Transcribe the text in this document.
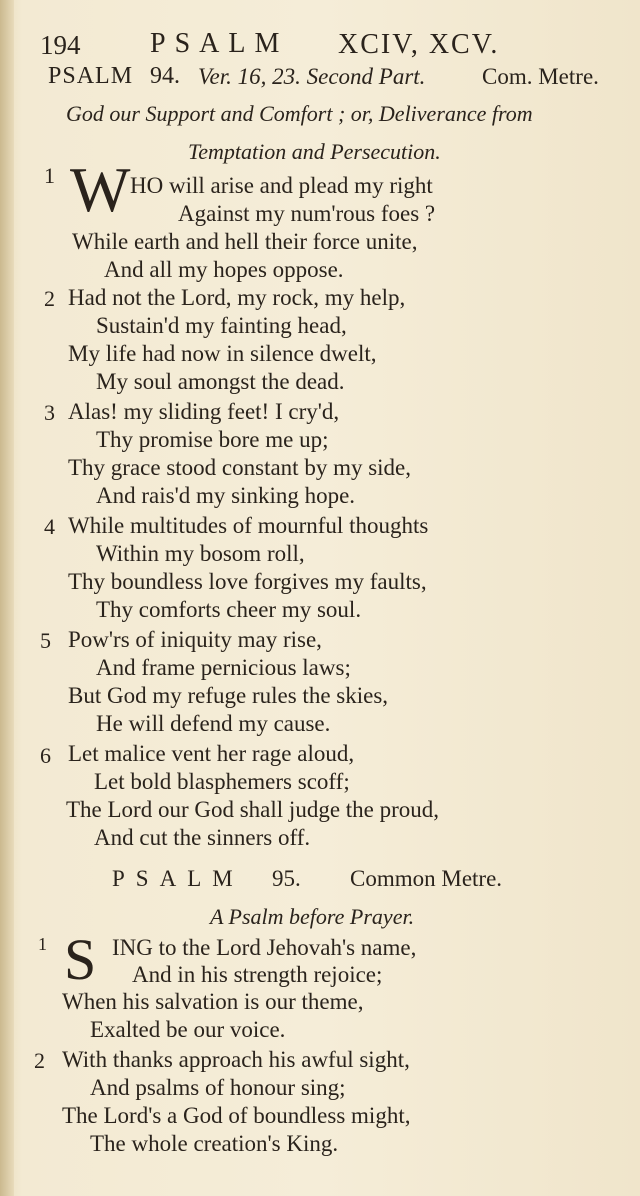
194 PSALM XCIV, XCV.
PSALM 94. Ver. 16, 23. Second Part. Com. Metre.
God our Support and Comfort ; or, Deliverance from
Temptation and Persecution.
1 W HO will arise and plead my right
Against my num'rous foes ?
While earth and hell their force unite,
And all my hopes oppose.
2 Had not the Lord, my rock, my help,
Sustain'd my fainting head,
My life had now in silence dwelt,
My soul amongst the dead.
3 Alas! my sliding feet! I cry'd,
Thy promise bore me up;
Thy grace stood constant by my side,
And rais'd my sinking hope.
4 While multitudes of mournful thoughts
Within my bosom roll,
Thy boundless love forgives my faults,
Thy comforts cheer my soul.
5 Pow'rs of iniquity may rise,
And frame pernicious laws;
But God my refuge rules the skies,
He will defend my cause.
6 Let malice vent her rage aloud,
Let bold blasphemers scoff;
The Lord our God shall judge the proud,
And cut the sinners off.
PSALM 95. Common Metre.
A Psalm before Prayer.
1 S ING to the Lord Jehovah's name,
And in his strength rejoice;
When his salvation is our theme,
Exalted be our voice.
2 With thanks approach his awful sight,
And psalms of honour sing;
The Lord's a God of boundless might,
The whole creation's King.
